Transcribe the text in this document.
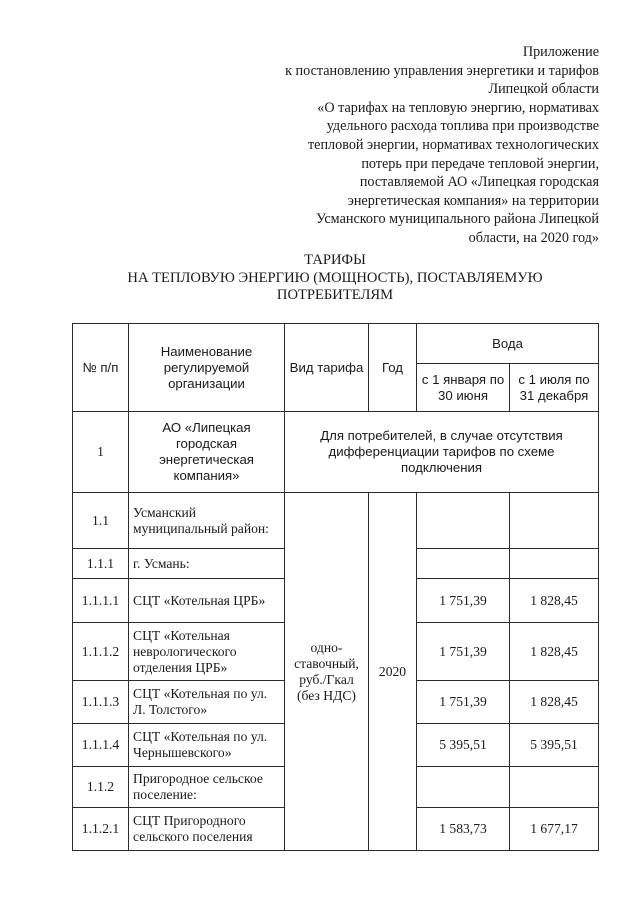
Приложение
к постановлению управления энергетики и тарифов
Липецкой области
«О тарифах на тепловую энергию, нормативах
удельного расхода топлива при производстве
тепловой энергии, нормативах технологических
потерь при передаче тепловой энергии,
поставляемой АО «Липецкая городская
энергетическая компания» на территории
Усманского муниципального района Липецкой
области, на 2020 год»
ТАРИФЫ
НА ТЕПЛОВУЮ ЭНЕРГИЮ (МОЩНОСТЬ), ПОСТАВЛЯЕМУЮ
ПОТРЕБИТЕЛЯМ
№ п/п	Наименование регулируемой организации	Вид тарифа	Год	Вода	
				с 1 января по 30 июня	с 1 июля по 31 декабря
1	АО «Липецкая городская энергетическая компания»	Для потребителей, в случае отсутствия дифференциации тарифов по схеме подключения			
1.1	Усманский муниципальный район:	одно-ставочный, руб./Гкал (без НДС)	2020		
1.1.1	г. Усмань:				
1.1.1.1	СЦТ «Котельная ЦРБ»			1 751,39	1 828,45
1.1.1.2	СЦТ «Котельная неврологического отделения ЦРБ»			1 751,39	1 828,45
1.1.1.3	СЦТ «Котельная по ул. Л. Толстого»			1 751,39	1 828,45
1.1.1.4	СЦТ «Котельная по ул. Чернышевского»			5 395,51	5 395,51
1.1.2	Пригородное сельское поселение:				
1.1.2.1	СЦТ Пригородного сельского поселения			1 583,73	1 677,17
